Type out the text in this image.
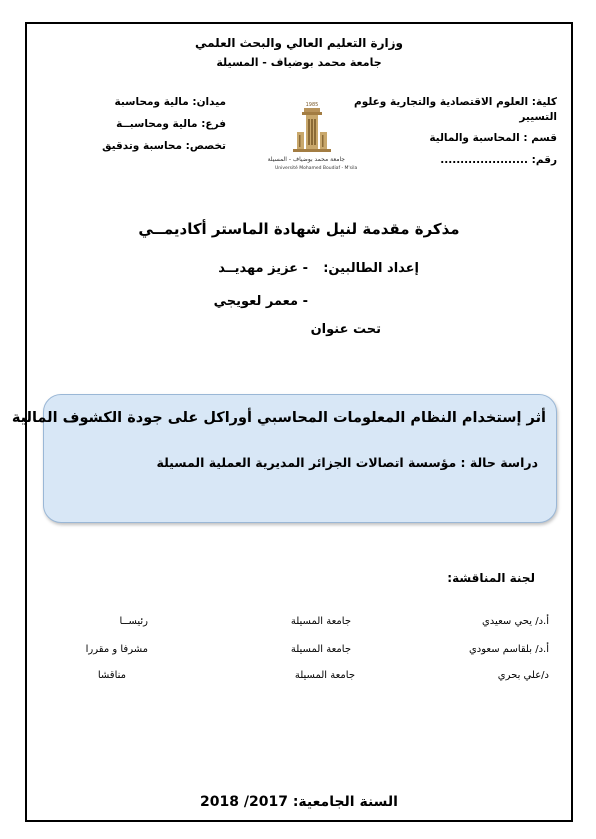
وزارة التعليم العالي والبحث العلمي
جامعة محمد بوضياف - المسيلة
كلية: العلوم الاقتصادية والتجارية وعلوم
التسيير
قسم : المحاسبة والمالية
رقم: ......................
ميدان: مالية ومحاسبة
فرع: مالية ومحاسبــة
تخصص: محاسبة وتدقيق
1985
جامعة محمد بوضياف - المسيلة
Université Mohamed Boudiaf - M'sila
مذكرة مقدمة لنيل شهادة الماستر أكاديمــي
إعداد الطالبين:
- عزيز مهديــد
- معمر لعويجي
تحت عنوان
أثر إستخدام النظام المعلومات المحاسبي أوراكل على جودة الكشوف المالية
دراسة حالة : مؤسسة اتصالات الجزائر المديرية العملية المسيلة
لجنة المناقشة:
أ.د/ يحي سعيدي
جامعة المسيلة
رئيســا
أ.د/ بلقاسم سعودي
جامعة المسيلة
مشرفا و مقررا
د/علي بحري
جامعة المسيلة
مناقشا
السنة الجامعية: 2017/ 2018
